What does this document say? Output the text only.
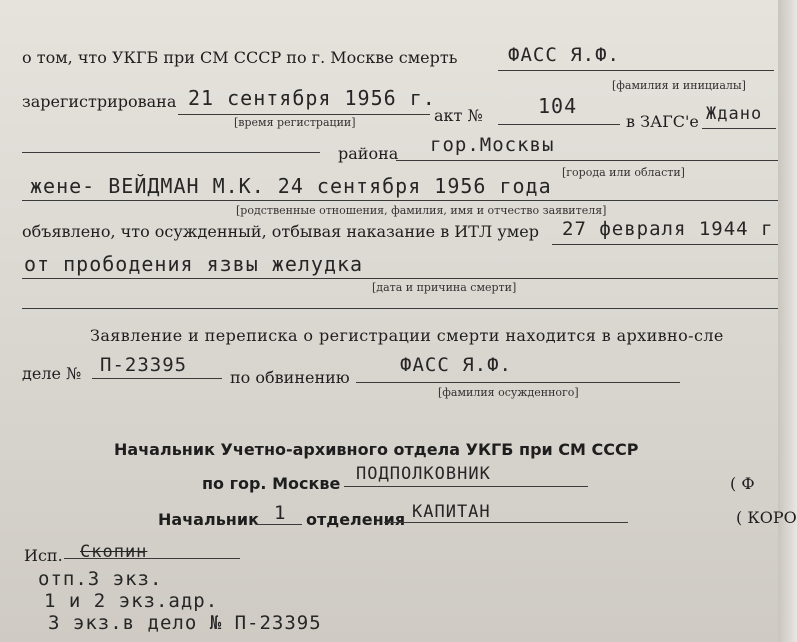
о том, что УКГБ при СМ СССР по г. Москве смерть	ФАСС Я.Ф.
[фамилия и инициалы]
зарегистрирована 21 сентября 1956 г.
[время регистрации]	акт №	104
в ЗАГС'е Ждано
района гор.Москвы
[города или области]
жене- ВЕЙДМАН М.К. 24 сентября 1956 года
[родственные отношения, фамилия, имя и отчество заявителя]
объявлено, что осужденный, отбывая наказание в ИТЛ умер 27 февраля 1944 г
от прободения язвы желудка
[дата и причина смерти]
Заявление и переписка о регистрации смерти находится в архивно-сле
деле № П-23395
по обвинению
ФАСС Я.Ф.
[фамилия осужденного]
Начальник Учетно-архивного отдела УКГБ при СМ СССР
по гор. Москве ПОДПОЛКОВНИК	( Ф
Начальник 1 отделения КАПИТАН	( КОРО
Исп. Скопин
отп.3 экз.
1 и 2 экз.адр.
3 экз.в дело № П-23395
